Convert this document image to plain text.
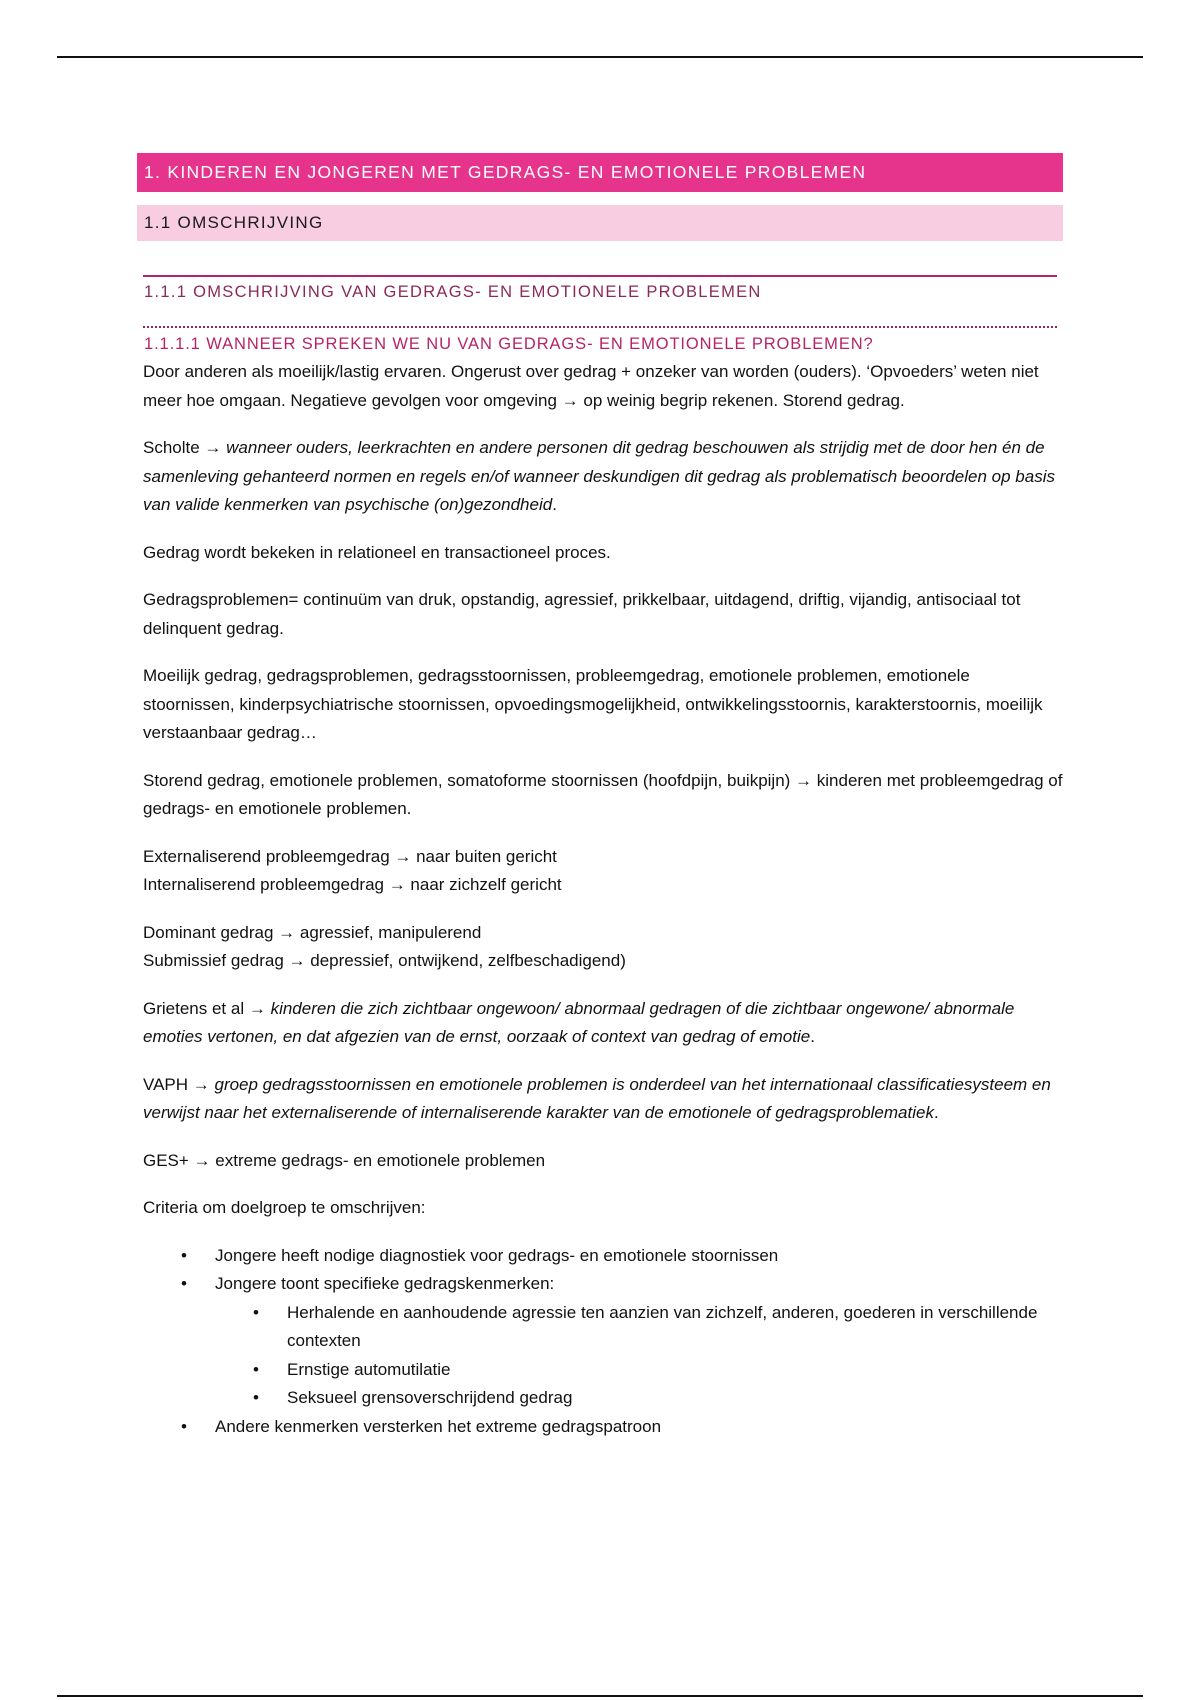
1. KINDEREN EN JONGEREN MET GEDRAGS- EN EMOTIONELE PROBLEMEN
1.1 OMSCHRIJVING
1.1.1 OMSCHRIJVING VAN GEDRAGS- EN EMOTIONELE PROBLEMEN
1.1.1.1 WANNEER SPREKEN WE NU VAN GEDRAGS- EN EMOTIONELE PROBLEMEN?

Door anderen als moeilijk/lastig ervaren. Ongerust over gedrag + onzeker van worden (ouders). ‘Opvoeders’ weten niet meer hoe omgaan. Negatieve gevolgen voor omgeving → op weinig begrip rekenen. Storend gedrag.

Scholte → wanneer ouders, leerkrachten en andere personen dit gedrag beschouwen als strijdig met de door hen én de samenleving gehanteerd normen en regels en/of wanneer deskundigen dit gedrag als problematisch beoordelen op basis van valide kenmerken van psychische (on)gezondheid.

Gedrag wordt bekeken in relationeel en transactioneel proces.

Gedragsproblemen= continuüm van druk, opstandig, agressief, prikkelbaar, uitdagend, driftig, vijandig, antisociaal tot delinquent gedrag.

Moeilijk gedrag, gedragsproblemen, gedragsstoornissen, probleemgedrag, emotionele problemen, emotionele stoornissen, kinderpsychiatrische stoornissen, opvoedingsmogelijkheid, ontwikkelingsstoornis, karakterstoornis, moeilijk verstaanbaar gedrag…

Storend gedrag, emotionele problemen, somatoforme stoornissen (hoofdpijn, buikpijn) → kinderen met probleemgedrag of gedrags- en emotionele problemen.

Externaliserend probleemgedrag → naar buiten gericht
Internaliserend probleemgedrag → naar zichzelf gericht

Dominant gedrag → agressief, manipulerend
Submissief gedrag → depressief, ontwijkend, zelfbeschadigend)

Grietens et al → kinderen die zich zichtbaar ongewoon/ abnormaal gedragen of die zichtbaar ongewone/ abnormale emoties vertonen, en dat afgezien van de ernst, oorzaak of context van gedrag of emotie.

VAPH → groep gedragsstoornissen en emotionele problemen is onderdeel van het internationaal classificatiesysteem en verwijst naar het externaliserende of internaliserende karakter van de emotionele of gedragsproblematiek.

GES+ → extreme gedrags- en emotionele problemen

Criteria om doelgroep te omschrijven:

• Jongere heeft nodige diagnostiek voor gedrags- en emotionele stoornissen
• Jongere toont specifieke gedragskenmerken:
• Herhalende en aanhoudende agressie ten aanzien van zichzelf, anderen, goederen in verschillende contexten
• Ernstige automutilatie
• Seksueel grensoverschrijdend gedrag
• Andere kenmerken versterken het extreme gedragspatroon
